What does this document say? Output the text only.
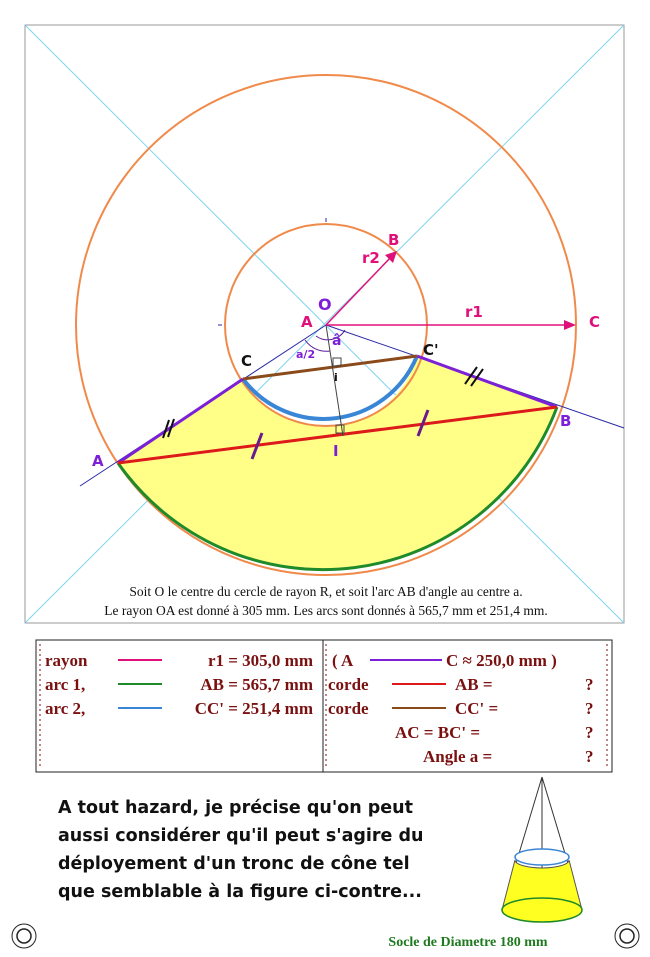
O
A
B
r2
r1
C
â
a/2
i
C
C'
A
B
I
Soit O le centre du cercle de rayon R, et soit l'arc AB d'angle au centre a.
Le rayon OA est donné à 305 mm. Les arcs sont donnés à 565,7 mm et 251,4 mm.
rayon	r1 = 305,0 mm
arc 1,	AB = 565,7 mm
arc 2,	CC' = 251,4 mm
( A	C ≈ 250,0 mm )
corde	AB =	?
corde	CC' =	?
AC = BC' =	?
Angle a =	?
A tout hazard, je précise qu'on peut
aussi considérer qu'il peut s'agire du
déployement d'un tronc de cône tel
que semblable à la figure ci-contre...
Socle de Diametre 180 mm
